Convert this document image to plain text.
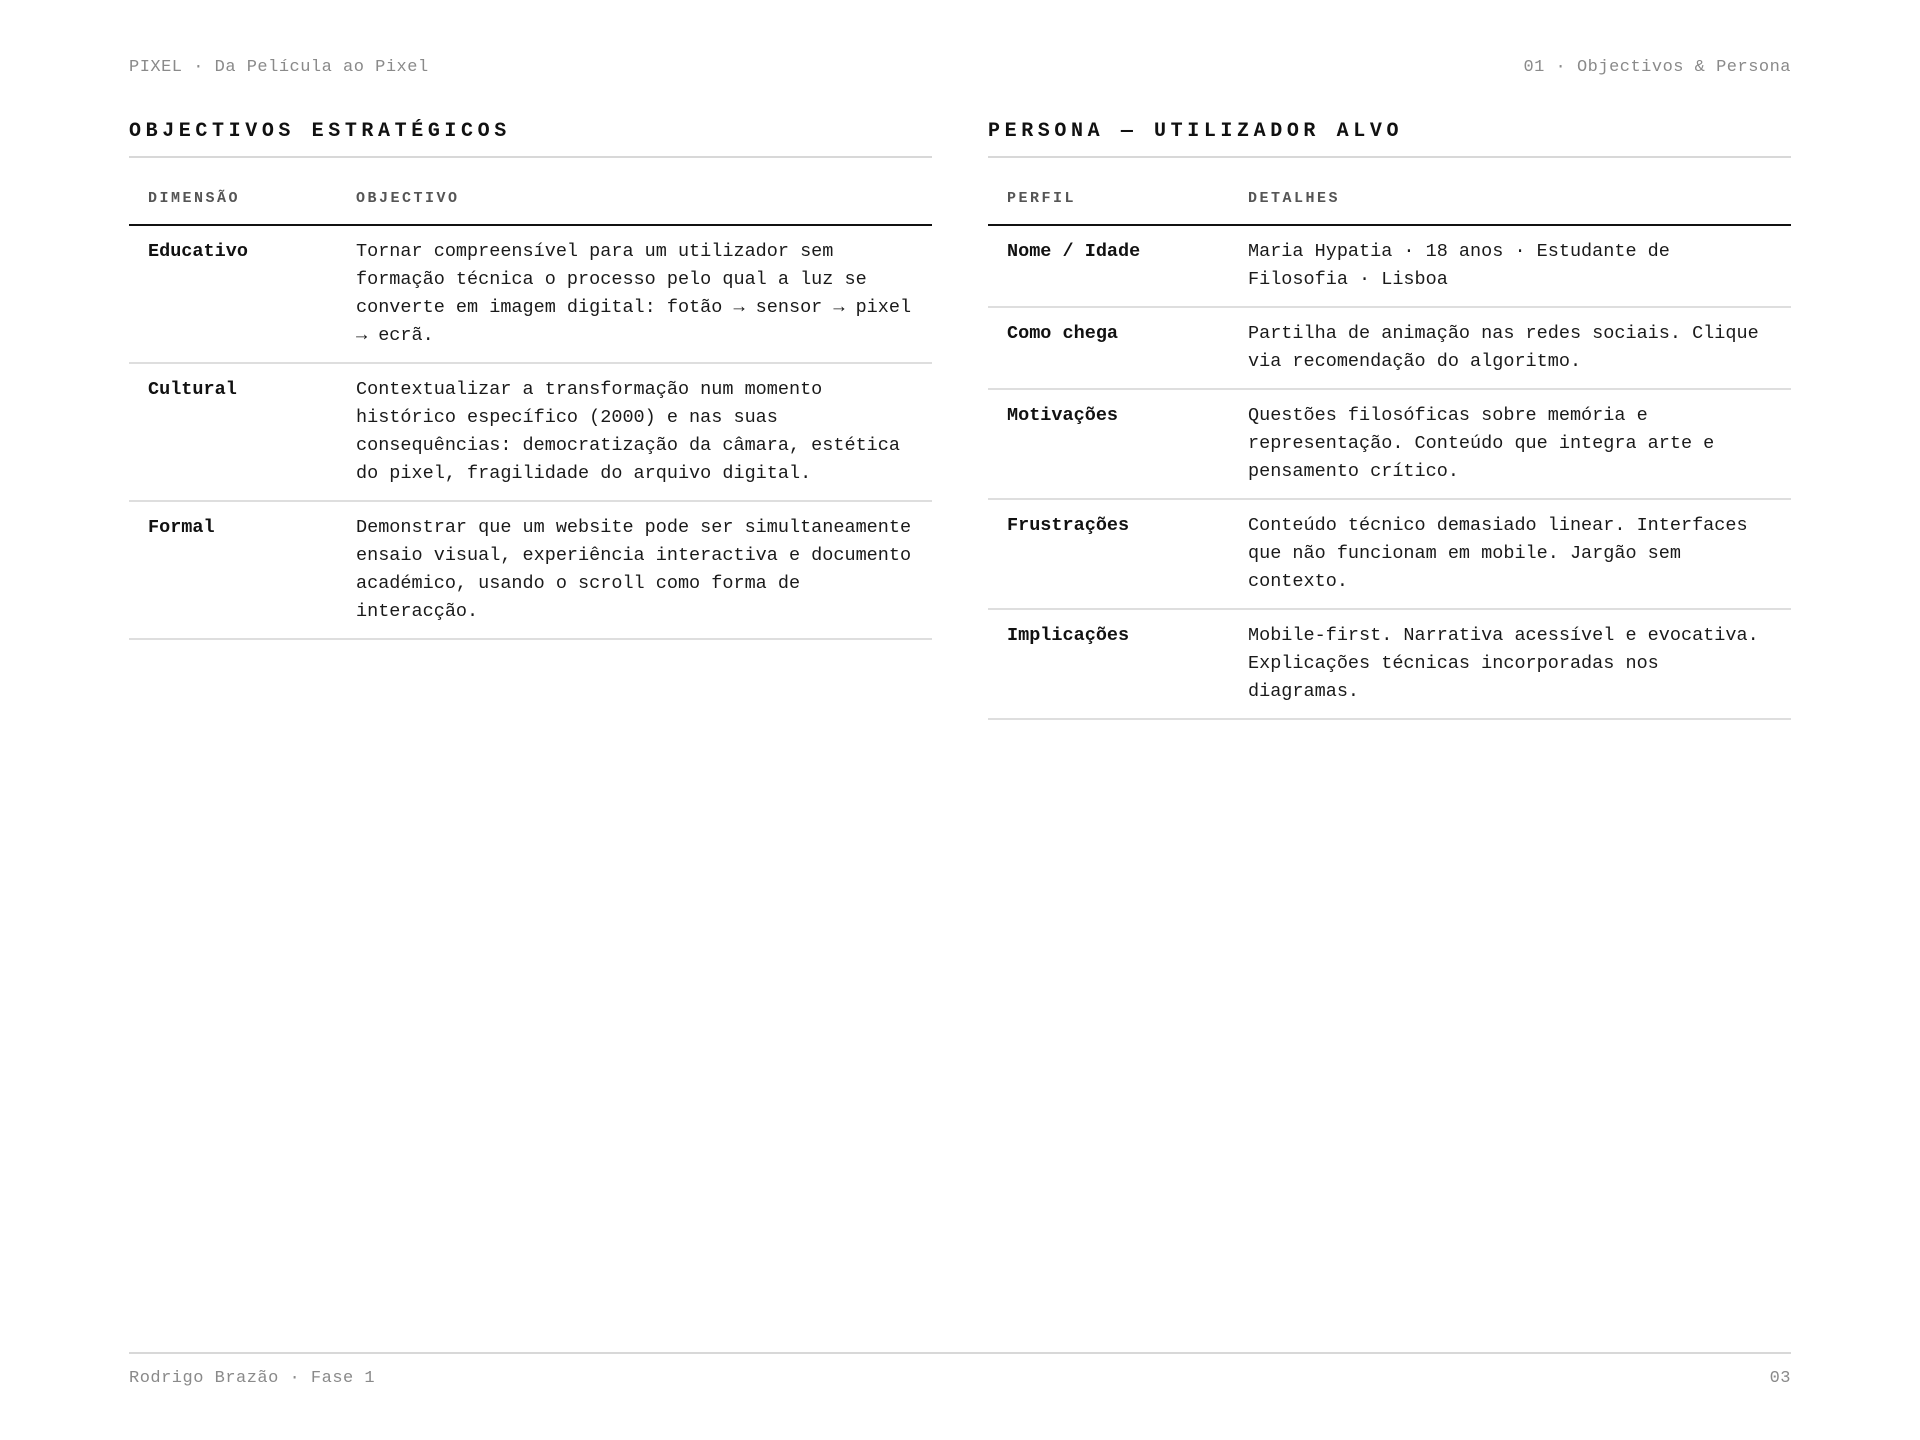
PIXEL · Da Película ao Pixel	01 · Objectivos & Persona
OBJECTIVOS ESTRATÉGICOS
DIMENSÃO	OBJECTIVO
Educativo	Tornar compreensível para um utilizador sem formação técnica o processo pelo qual a luz se converte em imagem digital: fotão → sensor → pixel → ecrã.
Cultural	Contextualizar a transformação num momento histórico específico (2000) e nas suas consequências: democratização da câmara, estética do pixel, fragilidade do arquivo digital.
Formal	Demonstrar que um website pode ser simultaneamente ensaio visual, experiência interactiva e documento académico, usando o scroll como forma de interacção.
PERSONA — UTILIZADOR ALVO
PERFIL	DETALHES
Nome / Idade	Maria Hypatia · 18 anos · Estudante de Filosofia · Lisboa
Como chega	Partilha de animação nas redes sociais. Clique via recomendação do algoritmo.
Motivações	Questões filosóficas sobre memória e representação. Conteúdo que integra arte e pensamento crítico.
Frustrações	Conteúdo técnico demasiado linear. Interfaces que não funcionam em mobile. Jargão sem contexto.
Implicações	Mobile-first. Narrativa acessível e evocativa. Explicações técnicas incorporadas nos diagramas.
Rodrigo Brazão · Fase 1	03
